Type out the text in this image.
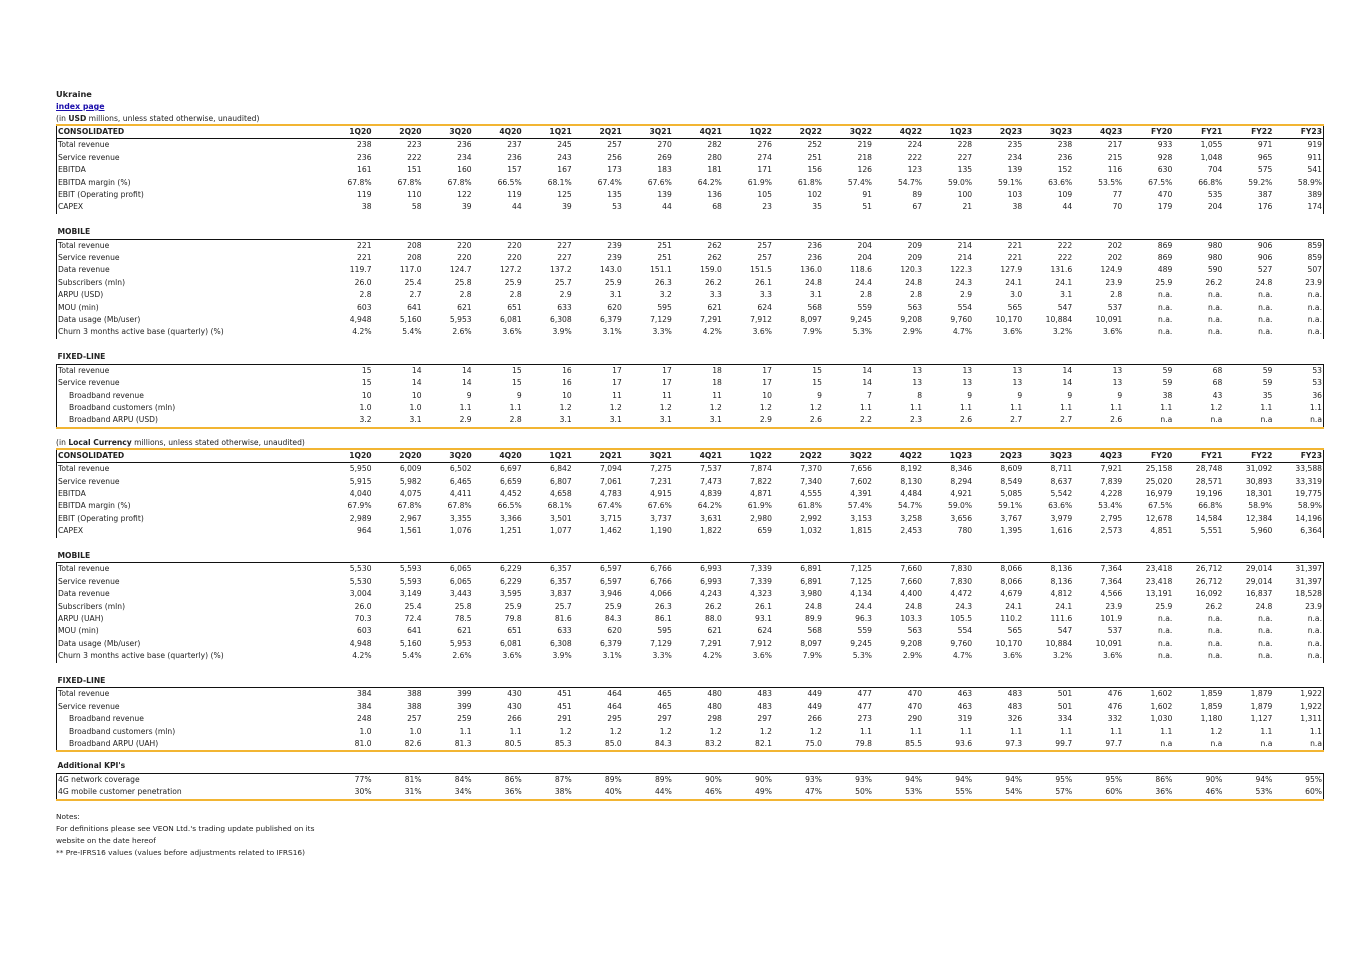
Ukraine
index page
(in USD millions, unless stated otherwise, unaudited)
CONSOLIDATED	1Q20	2Q20	3Q20	4Q20	1Q21	2Q21	3Q21	4Q21	1Q22	2Q22	3Q22	4Q22	1Q23	2Q23	3Q23	4Q23	FY20	FY21	FY22	FY23
Total revenue	238	223	236	237	245	257	270	282	276	252	219	224	228	235	238	217	933	1,055	971	919
Service revenue	236	222	234	236	243	256	269	280	274	251	218	222	227	234	236	215	928	1,048	965	911
EBITDA	161	151	160	157	167	173	183	181	171	156	126	123	135	139	152	116	630	704	575	541
EBITDA margin (%)	67.8%	67.8%	67.8%	66.5%	68.1%	67.4%	67.6%	64.2%	61.9%	61.8%	57.4%	54.7%	59.0%	59.1%	63.6%	53.5%	67.5%	66.8%	59.2%	58.9%
EBIT (Operating profit)	119	110	122	119	125	135	139	136	105	102	91	89	100	103	109	77	470	535	387	389
CAPEX	38	58	39	44	39	53	44	68	23	35	51	67	21	38	44	70	179	204	176	174

MOBILE																				
Total revenue	221	208	220	220	227	239	251	262	257	236	204	209	214	221	222	202	869	980	906	859
Service revenue	221	208	220	220	227	239	251	262	257	236	204	209	214	221	222	202	869	980	906	859
Data revenue	119.7	117.0	124.7	127.2	137.2	143.0	151.1	159.0	151.5	136.0	118.6	120.3	122.3	127.9	131.6	124.9	489	590	527	507
Subscribers (mln)	26.0	25.4	25.8	25.9	25.7	25.9	26.3	26.2	26.1	24.8	24.4	24.8	24.3	24.1	24.1	23.9	25.9	26.2	24.8	23.9
ARPU (USD)	2.8	2.7	2.8	2.8	2.9	3.1	3.2	3.3	3.3	3.1	2.8	2.8	2.9	3.0	3.1	2.8	n.a.	n.a.	n.a.	n.a.
MOU (min)	603	641	621	651	633	620	595	621	624	568	559	563	554	565	547	537	n.a.	n.a.	n.a.	n.a.
Data usage (Mb/user)	4,948	5,160	5,953	6,081	6,308	6,379	7,129	7,291	7,912	8,097	9,245	9,208	9,760	10,170	10,884	10,091	n.a.	n.a.	n.a.	n.a.
Churn 3 months active base (quarterly) (%)	4.2%	5.4%	2.6%	3.6%	3.9%	3.1%	3.3%	4.2%	3.6%	7.9%	5.3%	2.9%	4.7%	3.6%	3.2%	3.6%	n.a.	n.a.	n.a.	n.a.

FIXED-LINE																				
Total revenue	15	14	14	15	16	17	17	18	17	15	14	13	13	13	14	13	59	68	59	53
Service revenue	15	14	14	15	16	17	17	18	17	15	14	13	13	13	14	13	59	68	59	53
Broadband revenue	10	10	9	9	10	11	11	11	10	9	7	8	9	9	9	9	38	43	35	36
Broadband customers (mln)	1.0	1.0	1.1	1.1	1.2	1.2	1.2	1.2	1.2	1.2	1.1	1.1	1.1	1.1	1.1	1.1	1.1	1.2	1.1	1.1
Broadband ARPU (USD)	3.2	3.1	2.9	2.8	3.1	3.1	3.1	3.1	2.9	2.6	2.2	2.3	2.6	2.7	2.7	2.6	n.a	n.a	n.a	n.a
(in Local Currency millions, unless stated otherwise, unaudited)
CONSOLIDATED	1Q20	2Q20	3Q20	4Q20	1Q21	2Q21	3Q21	4Q21	1Q22	2Q22	3Q22	4Q22	1Q23	2Q23	3Q23	4Q23	FY20	FY21	FY22	FY23
Total revenue	5,950	6,009	6,502	6,697	6,842	7,094	7,275	7,537	7,874	7,370	7,656	8,192	8,346	8,609	8,711	7,921	25,158	28,748	31,092	33,588
Service revenue	5,915	5,982	6,465	6,659	6,807	7,061	7,231	7,473	7,822	7,340	7,602	8,130	8,294	8,549	8,637	7,839	25,020	28,571	30,893	33,319
EBITDA	4,040	4,075	4,411	4,452	4,658	4,783	4,915	4,839	4,871	4,555	4,391	4,484	4,921	5,085	5,542	4,228	16,979	19,196	18,301	19,775
EBITDA margin (%)	67.9%	67.8%	67.8%	66.5%	68.1%	67.4%	67.6%	64.2%	61.9%	61.8%	57.4%	54.7%	59.0%	59.1%	63.6%	53.4%	67.5%	66.8%	58.9%	58.9%
EBIT (Operating profit)	2,989	2,967	3,355	3,366	3,501	3,715	3,737	3,631	2,980	2,992	3,153	3,258	3,656	3,767	3,979	2,795	12,678	14,584	12,384	14,196
CAPEX	964	1,561	1,076	1,251	1,077	1,462	1,190	1,822	659	1,032	1,815	2,453	780	1,395	1,616	2,573	4,851	5,551	5,960	6,364

MOBILE																				
Total revenue	5,530	5,593	6,065	6,229	6,357	6,597	6,766	6,993	7,339	6,891	7,125	7,660	7,830	8,066	8,136	7,364	23,418	26,712	29,014	31,397
Service revenue	5,530	5,593	6,065	6,229	6,357	6,597	6,766	6,993	7,339	6,891	7,125	7,660	7,830	8,066	8,136	7,364	23,418	26,712	29,014	31,397
Data revenue	3,004	3,149	3,443	3,595	3,837	3,946	4,066	4,243	4,323	3,980	4,134	4,400	4,472	4,679	4,812	4,566	13,191	16,092	16,837	18,528
Subscribers (mln)	26.0	25.4	25.8	25.9	25.7	25.9	26.3	26.2	26.1	24.8	24.4	24.8	24.3	24.1	24.1	23.9	25.9	26.2	24.8	23.9
ARPU (UAH)	70.3	72.4	78.5	79.8	81.6	84.3	86.1	88.0	93.1	89.9	96.3	103.3	105.5	110.2	111.6	101.9	n.a.	n.a.	n.a.	n.a.
MOU (min)	603	641	621	651	633	620	595	621	624	568	559	563	554	565	547	537	n.a.	n.a.	n.a.	n.a.
Data usage (Mb/user)	4,948	5,160	5,953	6,081	6,308	6,379	7,129	7,291	7,912	8,097	9,245	9,208	9,760	10,170	10,884	10,091	n.a.	n.a.	n.a.	n.a.
Churn 3 months active base (quarterly) (%)	4.2%	5.4%	2.6%	3.6%	3.9%	3.1%	3.3%	4.2%	3.6%	7.9%	5.3%	2.9%	4.7%	3.6%	3.2%	3.6%	n.a.	n.a.	n.a.	n.a.

FIXED-LINE																				
Total revenue	384	388	399	430	451	464	465	480	483	449	477	470	463	483	501	476	1,602	1,859	1,879	1,922
Service revenue	384	388	399	430	451	464	465	480	483	449	477	470	463	483	501	476	1,602	1,859	1,879	1,922
Broadband revenue	248	257	259	266	291	295	297	298	297	266	273	290	319	326	334	332	1,030	1,180	1,127	1,311
Broadband customers (mln)	1.0	1.0	1.1	1.1	1.2	1.2	1.2	1.2	1.2	1.2	1.1	1.1	1.1	1.1	1.1	1.1	1.1	1.2	1.1	1.1
Broadband ARPU (UAH)	81.0	82.6	81.3	80.5	85.3	85.0	84.3	83.2	82.1	75.0	79.8	85.5	93.6	97.3	99.7	97.7	n.a	n.a	n.a	n.a
Additional KPI's																				
4G network coverage	77%	81%	84%	86%	87%	89%	89%	90%	90%	93%	93%	94%	94%	94%	95%	95%	86%	90%	94%	95%
4G mobile customer penetration	30%	31%	34%	36%	38%	40%	44%	46%	49%	47%	50%	53%	55%	54%	57%	60%	36%	46%	53%	60%
Notes:
For definitions please see VEON Ltd.'s trading update published on its
website on the date hereof
** Pre-IFRS16 values (values before adjustments related to IFRS16)
